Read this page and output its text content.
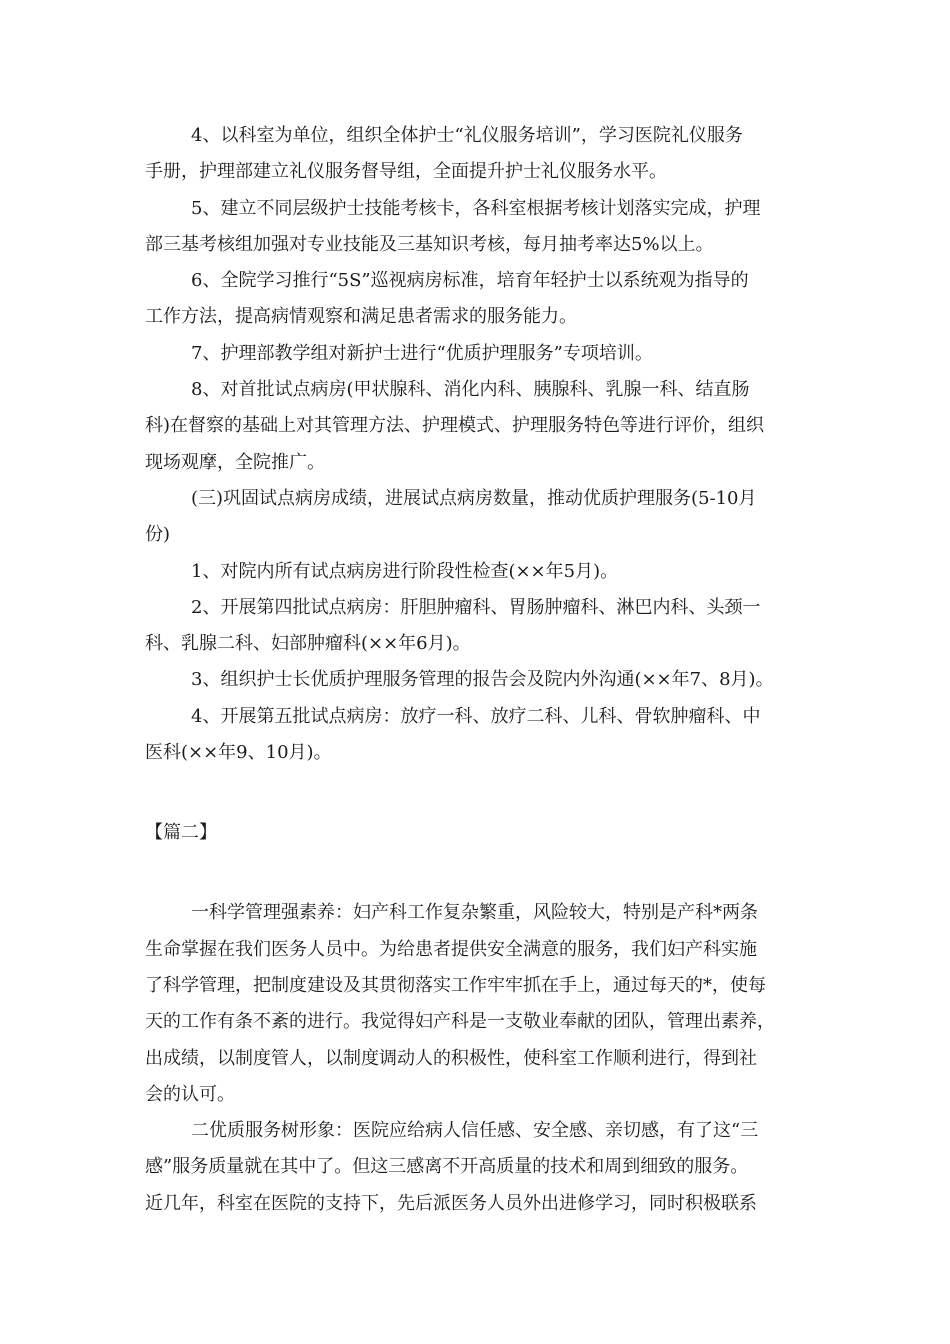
4、以科室为单位，组织全体护士“礼仪服务培训”，学习医院礼仪服务
手册，护理部建立礼仪服务督导组，全面提升护士礼仪服务水平。

5、建立不同层级护士技能考核卡，各科室根据考核计划落实完成，护理
部三基考核组加强对专业技能及三基知识考核，每月抽考率达5%以上。

6、全院学习推行“5S”巡视病房标准，培育年轻护士以系统观为指导的
工作方法，提高病情观察和满足患者需求的服务能力。

7、护理部教学组对新护士进行“优质护理服务”专项培训。

8、对首批试点病房(甲状腺科、消化内科、胰腺科、乳腺一科、结直肠
科)在督察的基础上对其管理方法、护理模式、护理服务特色等进行评价，组织
现场观摩，全院推广。

(三)巩固试点病房成绩，进展试点病房数量，推动优质护理服务(5-10月
份)

1、对院内所有试点病房进行阶段性检查(××年5月)。

2、开展第四批试点病房：肝胆肿瘤科、胃肠肿瘤科、淋巴内科、头颈一
科、乳腺二科、妇部肿瘤科(××年6月)。

3、组织护士长优质护理服务管理的报告会及院内外沟通(××年7、8月)。

4、开展第五批试点病房：放疗一科、放疗二科、儿科、骨软肿瘤科、中
医科(××年9、10月)。

【篇二】

一科学管理强素养：妇产科工作复杂繁重，风险较大，特别是产科*两条
生命掌握在我们医务人员中。为给患者提供安全满意的服务，我们妇产科实施
了科学管理，把制度建设及其贯彻落实工作牢牢抓在手上，通过每天的*，使每
天的工作有条不紊的进行。我觉得妇产科是一支敬业奉献的团队，管理出素养，
出成绩，以制度管人，以制度调动人的积极性，使科室工作顺利进行，得到社
会的认可。

二优质服务树形象：医院应给病人信任感、安全感、亲切感，有了这“三
感”服务质量就在其中了。但这三感离不开高质量的技术和周到细致的服务。
近几年，科室在医院的支持下，先后派医务人员外出进修学习，同时积极联系
